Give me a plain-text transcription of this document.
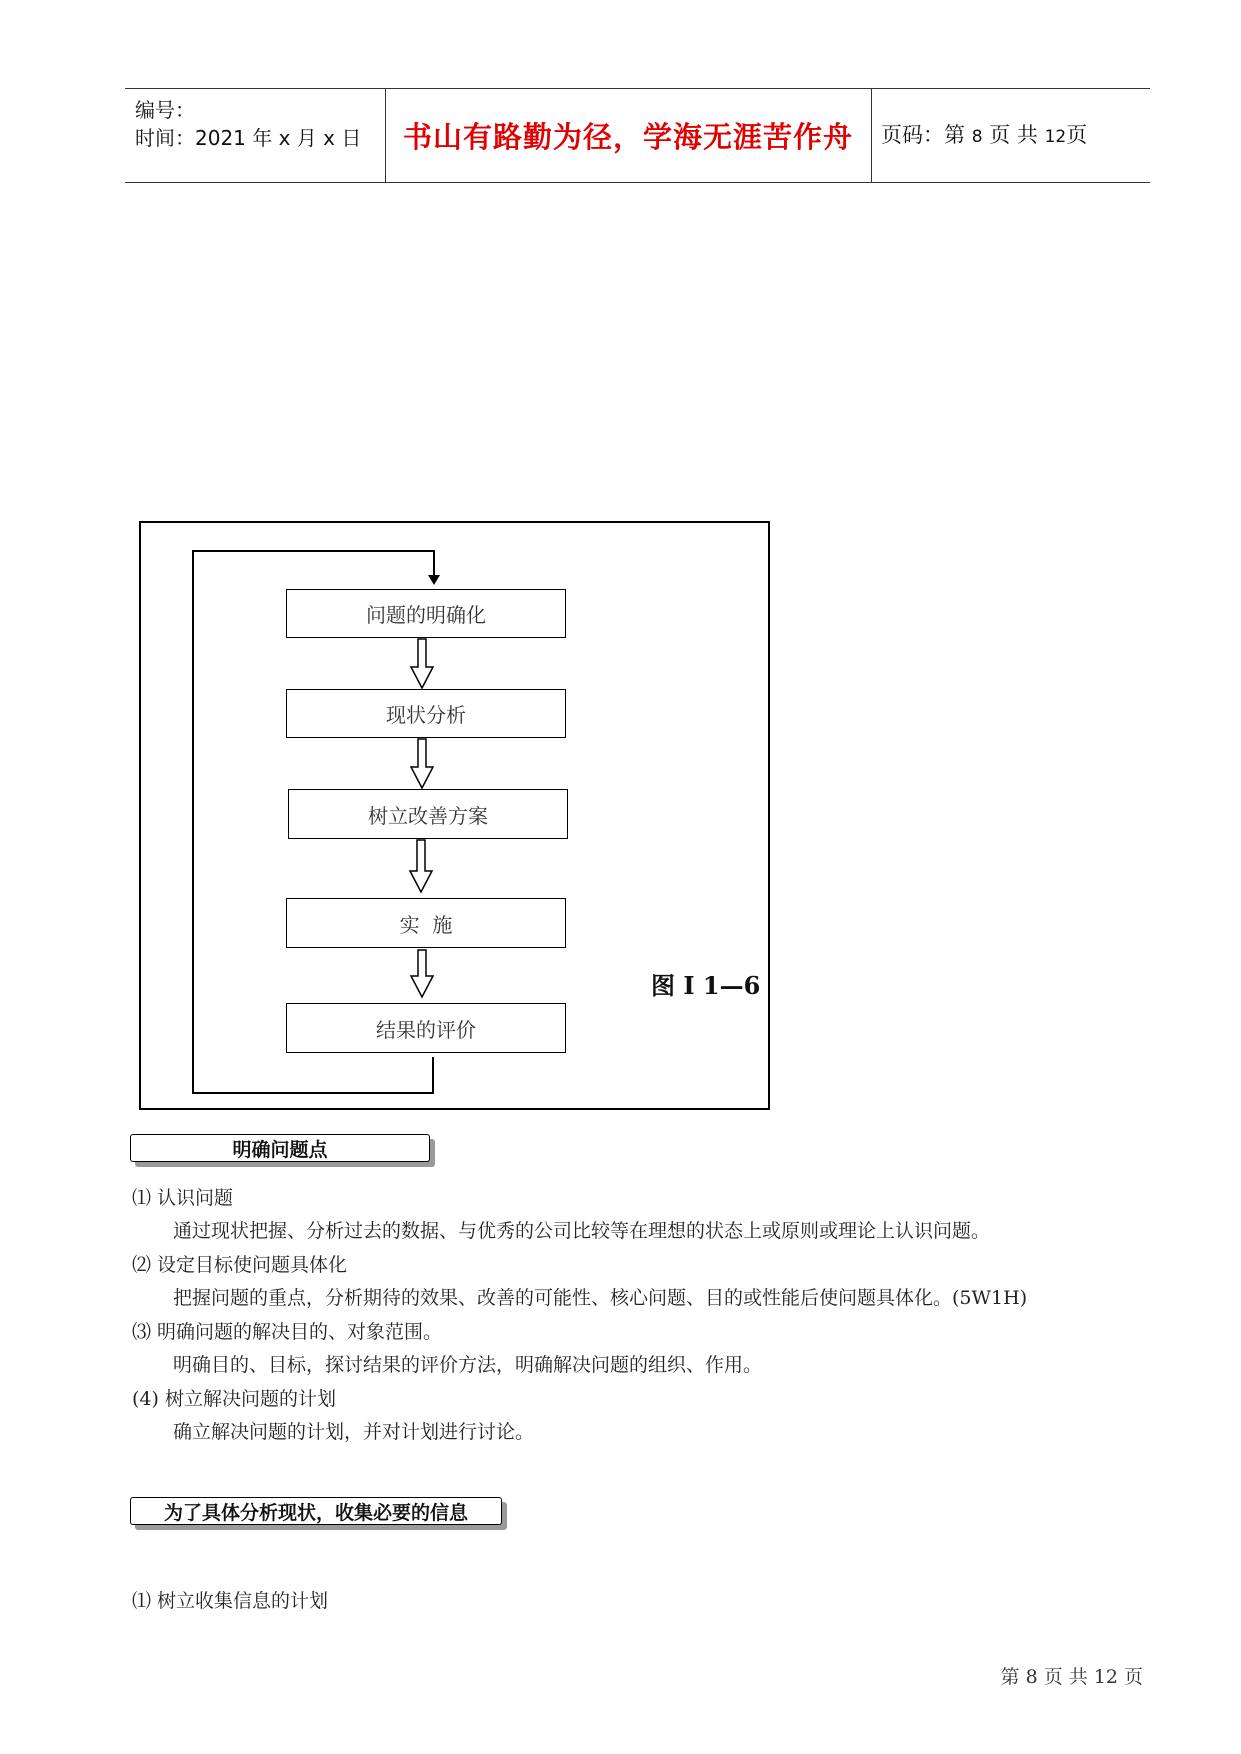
编号：
时间：2021 年 x 月 x 日	书山有路勤为径，学海无涯苦作舟	页码：第 8 页 共 12页
问题的明确化
现状分析
树立改善方案
实  施
结果的评价
图 I 1—6
明确问题点
⑴ 认识问题
通过现状把握、分析过去的数据、与优秀的公司比较等在理想的状态上或原则或理论上认识问题。
⑵ 设定目标使问题具体化
把握问题的重点，分析期待的效果、改善的可能性、核心问题、目的或性能后使问题具体化。(5W1H)
⑶ 明确问题的解决目的、对象范围。
明确目的、目标，探讨结果的评价方法，明确解决问题的组织、作用。
(4) 树立解决问题的计划
确立解决问题的计划，并对计划进行讨论。
为了具体分析现状，收集必要的信息
⑴ 树立收集信息的计划
第 8 页 共 12 页
